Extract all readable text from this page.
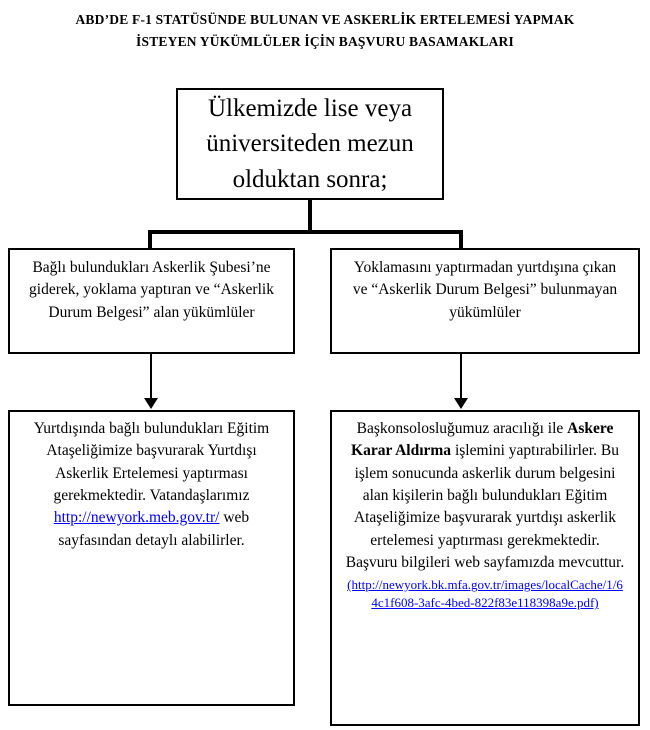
ABD’DE F-1 STATÜSÜNDE BULUNAN VE ASKERLİK ERTELEMESİ YAPMAK
İSTEYEN YÜKÜMLÜLER İÇİN BAŞVURU BASAMAKLARI
Ülkemizde lise veya üniversiteden mezun olduktan sonra;
Bağlı bulundukları Askerlik Şubesi’ne giderek, yoklama yaptıran ve “Askerlik Durum Belgesi” alan yükümlüler
Yoklamasını yaptırmadan yurtdışına çıkan ve “Askerlik Durum Belgesi” bulunmayan yükümlüler
Yurtdışında bağlı bulundukları Eğitim Ataşeliğimize başvurarak Yurtdışı Askerlik Ertelemesi yaptırması gerekmektedir. Vatandaşlarımız http://newyork.meb.gov.tr/ web sayfasından detaylı alabilirler.
Başkonsolosluğumuz aracılığı ile Askere Karar Aldırma işlemini yaptırabilirler. Bu işlem sonucunda askerlik durum belgesini alan kişilerin bağlı bulundukları Eğitim Ataşeliğimize başvurarak yurtdışı askerlik ertelemesi yaptırması gerekmektedir. Başvuru bilgileri web sayfamızda mevcuttur.
(http://newyork.bk.mfa.gov.tr/images/localCache/1/64c1f608-3afc-4bed-822f83e118398a9e.pdf)
